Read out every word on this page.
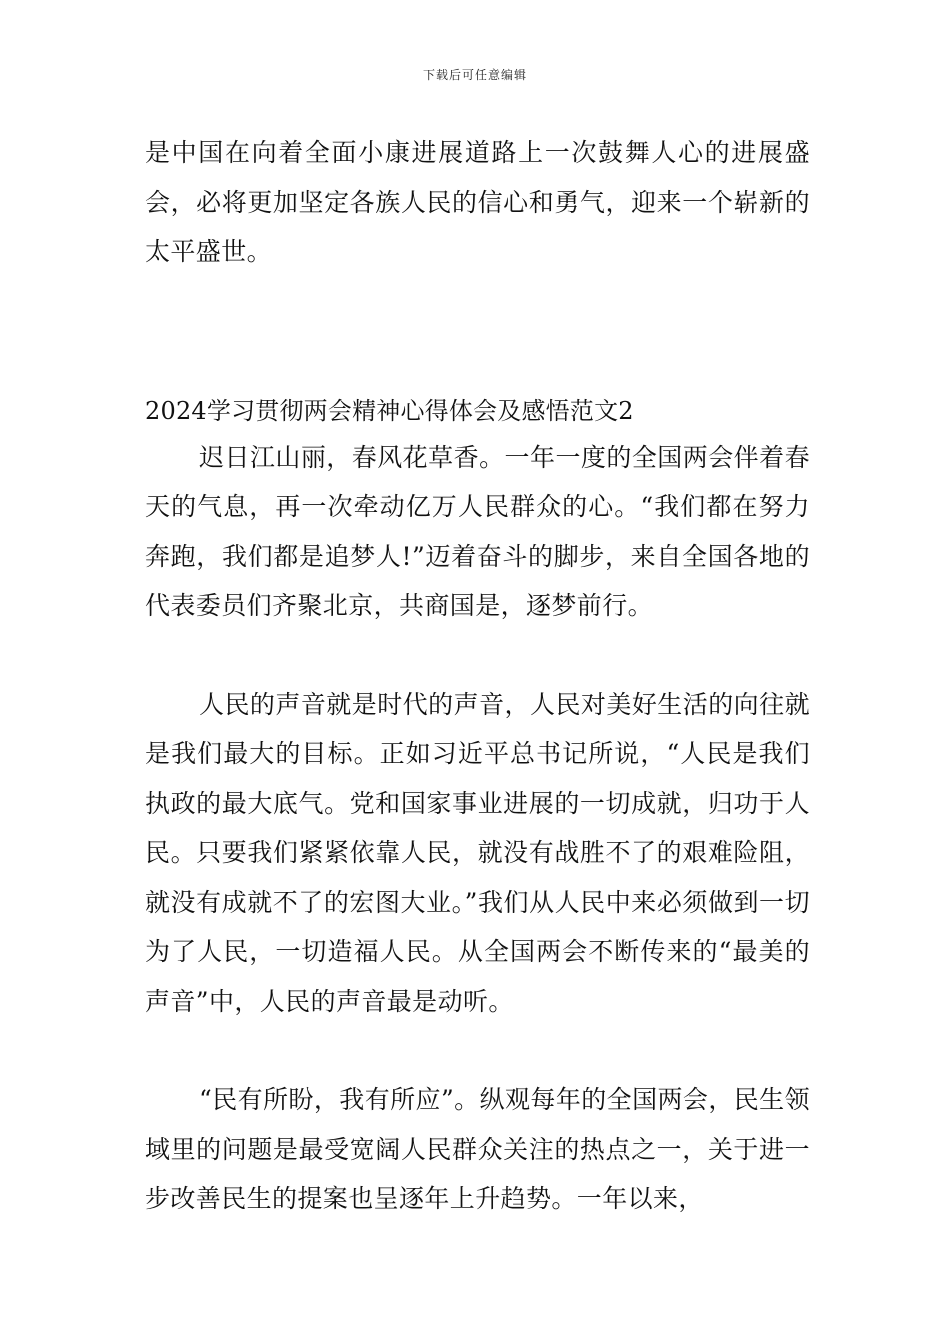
下载后可任意编辑

是中国在向着全面小康进展道路上一次鼓舞人心的进展盛会，必将更加坚定各族人民的信心和勇气，迎来一个崭新的太平盛世。

2024学习贯彻两会精神心得体会及感悟范文2

迟日江山丽，春风花草香。一年一度的全国两会伴着春天的气息，再一次牵动亿万人民群众的心。“我们都在努力奔跑，我们都是追梦人!”迈着奋斗的脚步，来自全国各地的代表委员们齐聚北京，共商国是，逐梦前行。

人民的声音就是时代的声音，人民对美好生活的向往就是我们最大的目标。正如习近平总书记所说，“人民是我们执政的最大底气。党和国家事业进展的一切成就，归功于人民。只要我们紧紧依靠人民，就没有战胜不了的艰难险阻，就没有成就不了的宏图大业。”我们从人民中来必须做到一切为了人民，一切造福人民。从全国两会不断传来的“最美的声音”中，人民的声音最是动听。

“民有所盼，我有所应”。纵观每年的全国两会，民生领域里的问题是最受宽阔人民群众关注的热点之一，关于进一步改善民生的提案也呈逐年上升趋势。一年以来，
